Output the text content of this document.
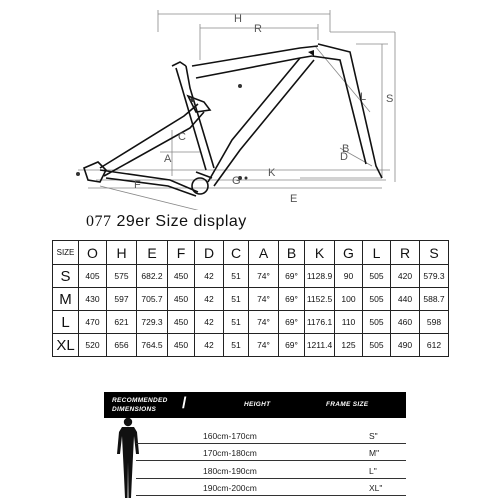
H
R
S
L
D
A
B
K
F	G
C
E
077 29er Size display
SIZE	O	H	E	F	D	C	A	B	K	G	L	R	S
S	405	575	682.2	450	42	51	74°	69°	1128.9	90	505	420	579.3
M	430	597	705.7	450	42	51	74°	69°	1152.5	100	505	440	588.7
L	470	621	729.3	450	42	51	74°	69°	1176.1	110	505	460	598
XL	520	656	764.5	450	42	51	74°	69°	1211.4	125	505	490	612
RECOMMENDED
DIMENSIONS	/	HEIGHT	FRAME SIZE
160cm-170cm	S"
170cm-180cm	M"
180cm-190cm	L"
190cm-200cm	XL"
